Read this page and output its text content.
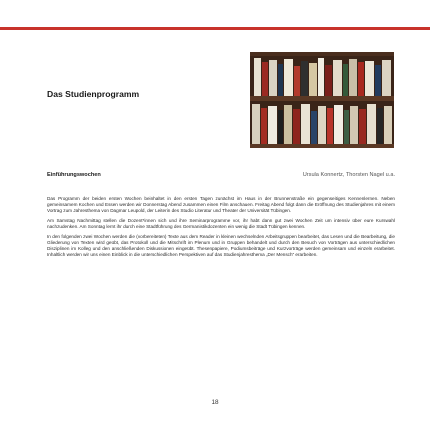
Das Studienprogramm
Einführungswochen	Ursula Konnertz, Thorsten Nagel u.a.

Das Programm der beiden ersten Wochen beinhaltet in den ersten Tagen zunächst im Haus in der Brunnenstraße ein gegenseitiges Kennenlernen. Neben gemeinsamem Kochen und Essen werden wir Donnerstag Abend zusammen einen Film anschauen. Freitag Abend folgt dann die Eröffnung des Studienjahres mit einem Vortrag zum Jahresthema von Dagmar Leupold, der Leiterin des Studio Literatur und Theater der Universität Tübingen.

Am Samstag Nachmittag stellen die Dozent*innen sich und ihre Seminarprogramme vor, ihr habt dann gut zwei Wochen Zeit um intensiv über eure Kurswahl nachzudenken. Am Sonntag lernt ihr durch eine Stadtführung des Germanistikdozenten ein wenig die Stadt Tübingen kennen.

In den folgenden zwei Wochen werden die (vorbereiteten) Texte aus dem Reader in kleinen wechselnden Arbeitsgruppen bearbeitet, das Lesen und die Bearbeitung, die Gliederung von Texten wird geübt, das Protokoll und die Mitschrift im Plenum und in Gruppen behandelt und durch den Besuch von Vorträgen aus unterschiedlichen Disziplinen im Kolleg und den anschließenden Diskussionen eingeübt. Thesenpapiere, Podiumsbeiträge und Kurzvorträge werden gemeinsam und einzeln erarbeitet. Inhaltlich werden wir uns einen Einblick in die unterschiedlichen Perspektiven auf das Studienjahresthema „Der Mensch“ erarbeiten.

18
